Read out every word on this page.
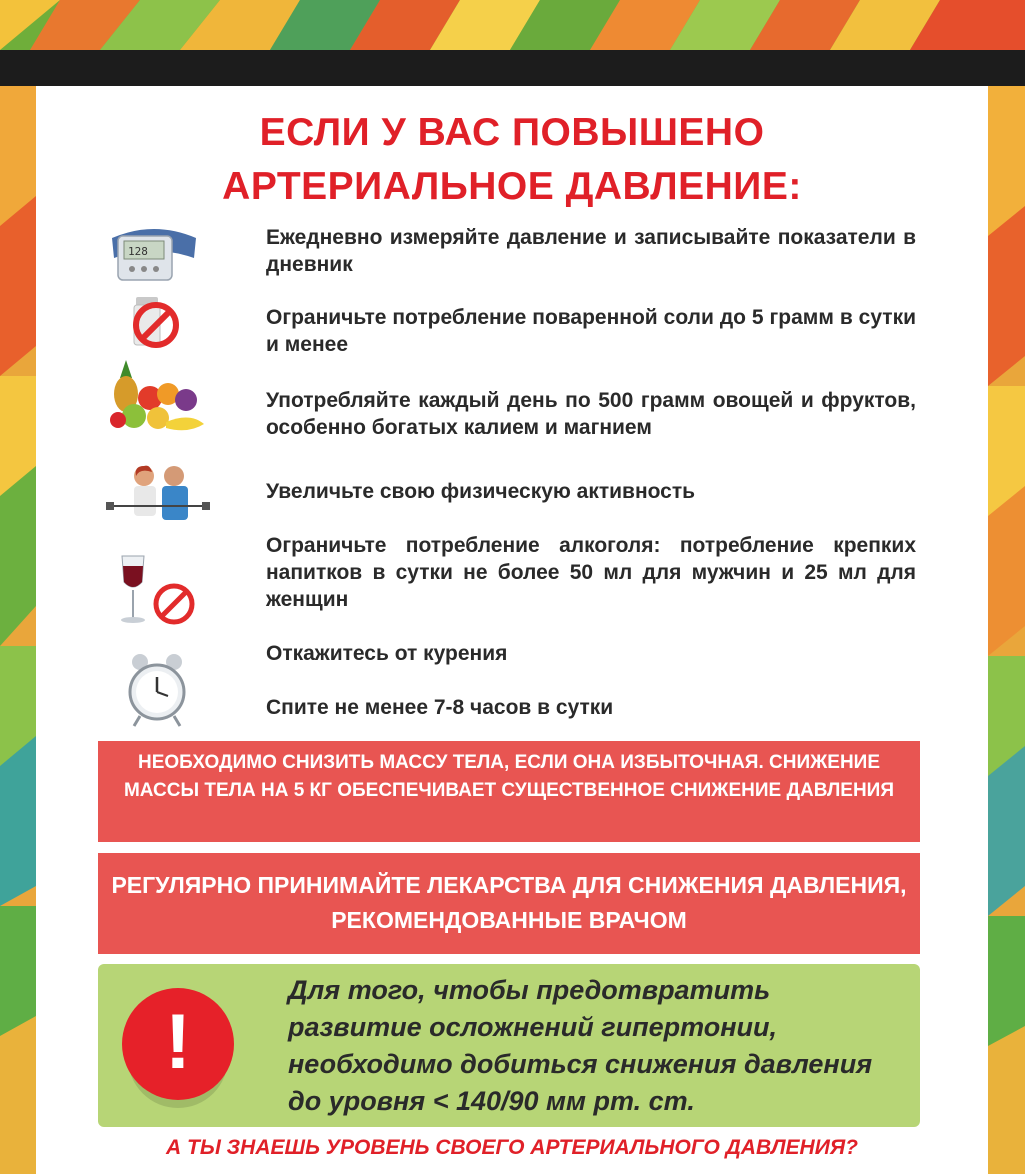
ЕСЛИ У ВАС ПОВЫШЕНО
АРТЕРИАЛЬНОЕ ДАВЛЕНИЕ:
128
Ежедневно измеряйте давление и записывайте показатели в дневник
Ограничьте потребление поваренной соли до 5 грамм в сутки и менее
Употребляйте каждый день по 500 грамм овощей и фруктов, особенно богатых калием и магнием
Увеличьте свою физическую активность
Ограничьте потребление алкоголя: потребление крепких напитков в сутки не более 50 мл для мужчин и 25 мл для женщин
Откажитесь от курения
Спите не менее 7-8 часов в сутки
НЕОБХОДИМО СНИЗИТЬ МАССУ ТЕЛА, ЕСЛИ ОНА ИЗБЫТОЧНАЯ. СНИЖЕНИЕ МАССЫ ТЕЛА НА 5 КГ ОБЕСПЕЧИВАЕТ СУЩЕСТВЕННОЕ СНИЖЕНИЕ ДАВЛЕНИЯ
РЕГУЛЯРНО ПРИНИМАЙТЕ ЛЕКАРСТВА ДЛЯ СНИЖЕНИЯ ДАВЛЕНИЯ, РЕКОМЕНДОВАННЫЕ ВРАЧОМ
!
Для того, чтобы предотвратить развитие осложнений гипертонии, необходимо добиться снижения давления до уровня < 140/90 мм рт. ст.
А ТЫ ЗНАЕШЬ УРОВЕНЬ СВОЕГО АРТЕРИАЛЬНОГО ДАВЛЕНИЯ?
